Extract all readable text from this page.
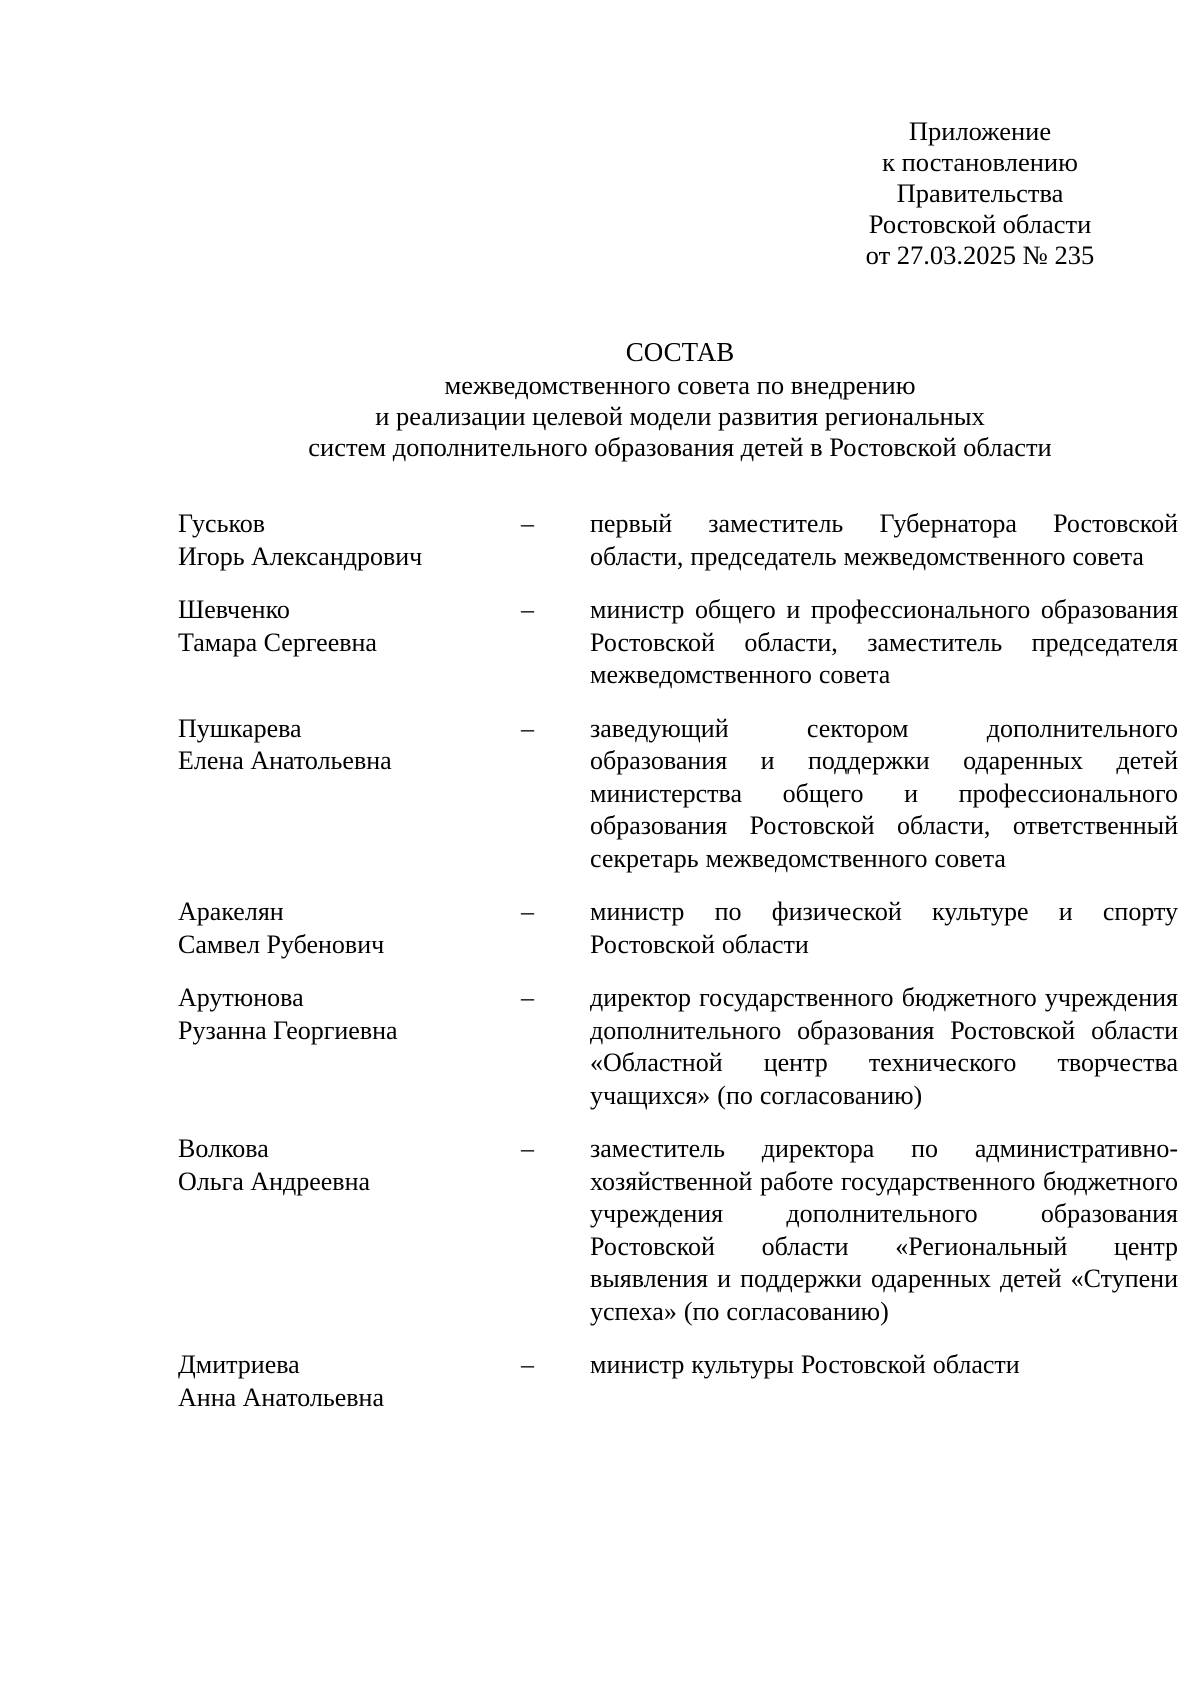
Приложение
к постановлению
Правительства
Ростовской области
от 27.03.2025 № 235
СОСТАВ
межведомственного совета по внедрению
и реализации целевой модели развития региональных
систем дополнительного образования детей в Ростовской области
Гуськов
Игорь Александрович
–	первый заместитель Губернатора Ростовской области, председатель межведомственного совета
Шевченко
Тамара Сергеевна
–	министр общего и профессионального образования Ростовской области, заместитель председателя межведомственного совета
Пушкарева
Елена Анатольевна
–	заведующий сектором дополнительного образования и поддержки одаренных детей министерства общего и профессионального образования Ростовской области, ответственный секретарь межведомственного совета
Аракелян
Самвел Рубенович
–	министр по физической культуре и спорту Ростовской области
Арутюнова
Рузанна Георгиевна
–	директор государственного бюджетного учреждения дополнительного образования Ростовской области «Областной центр технического творчества учащихся» (по согласованию)
Волкова
Ольга Андреевна
–	заместитель директора по административно-хозяйственной работе государственного бюджетного учреждения дополнительного образования Ростовской области «Региональный центр выявления и поддержки одаренных детей «Ступени успеха» (по согласованию)
Дмитриева
Анна Анатольевна
–	министр культуры Ростовской области
